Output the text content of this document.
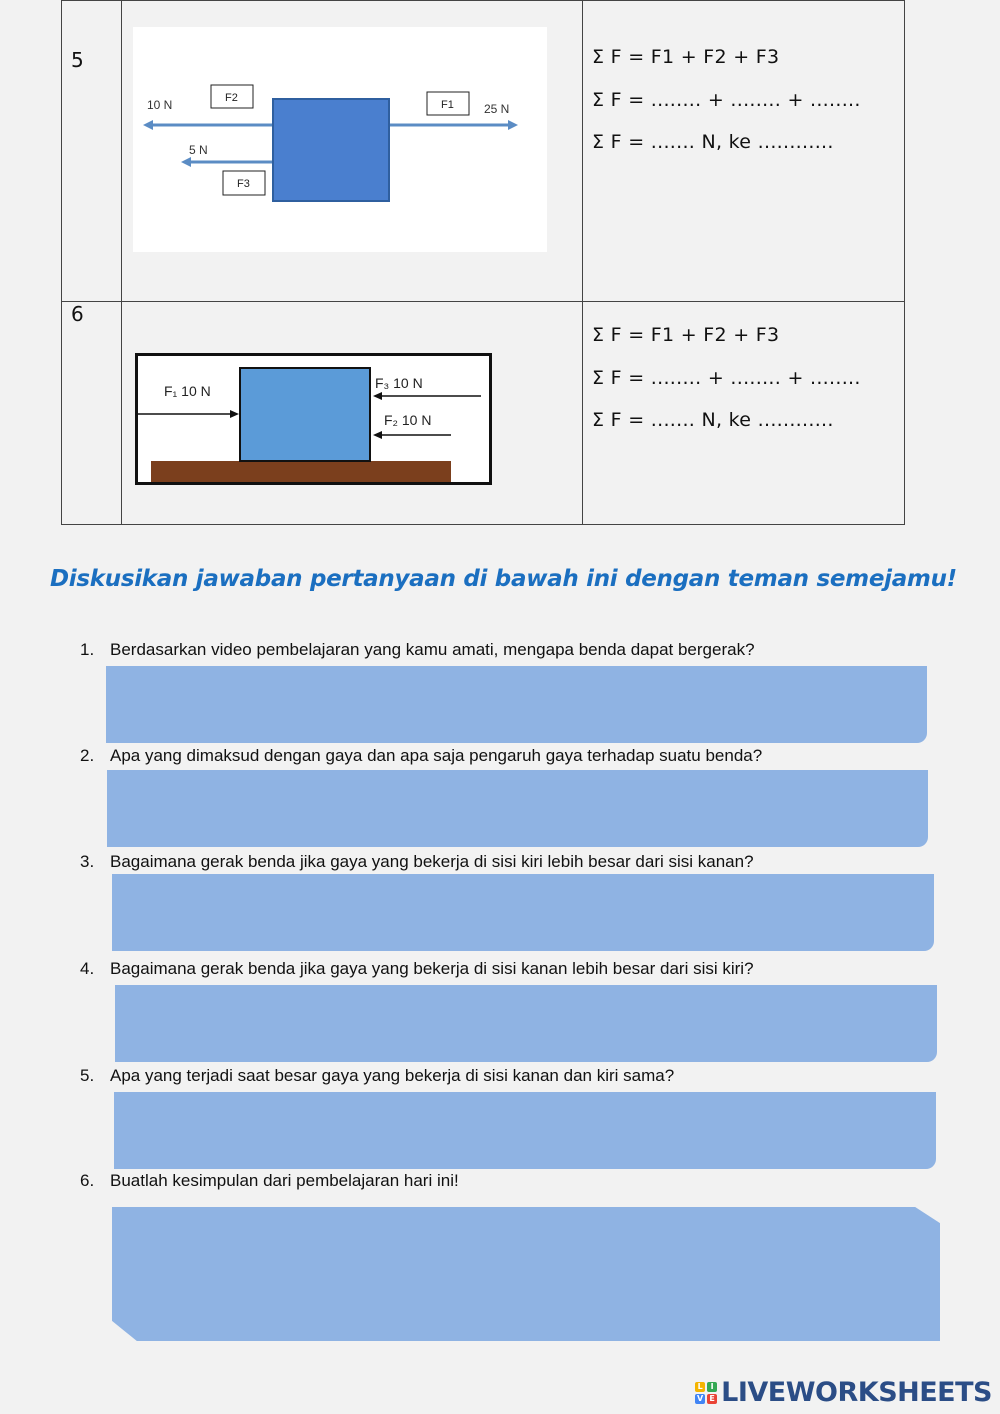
5
6
Σ F = F1 + F2 + F3
Σ F = ........ + ........ + ........
Σ F = ....... N, ke ............
Σ F = F1 + F2 + F3
Σ F = ........ + ........ + ........
Σ F = ....... N, ke ............
10 N
5 N
25 N
F2
F1
F3
F₁ 10 N	F₃ 10 N
F₂ 10 N
Diskusikan jawaban pertanyaan di bawah ini dengan teman semejamu!
1. Berdasarkan video pembelajaran yang kamu amati, mengapa benda dapat bergerak?
2. Apa yang dimaksud dengan gaya dan apa saja pengaruh gaya terhadap suatu benda?
3. Bagaimana gerak benda jika gaya yang bekerja di sisi kiri lebih besar dari sisi kanan?
4. Bagaimana gerak benda jika gaya yang bekerja di sisi kanan lebih besar dari sisi kiri?
5. Apa yang terjadi saat besar gaya yang bekerja di sisi kanan dan kiri sama?
6. Buatlah kesimpulan dari pembelajaran hari ini!
L I
V E LIVEWORKSHEETS
